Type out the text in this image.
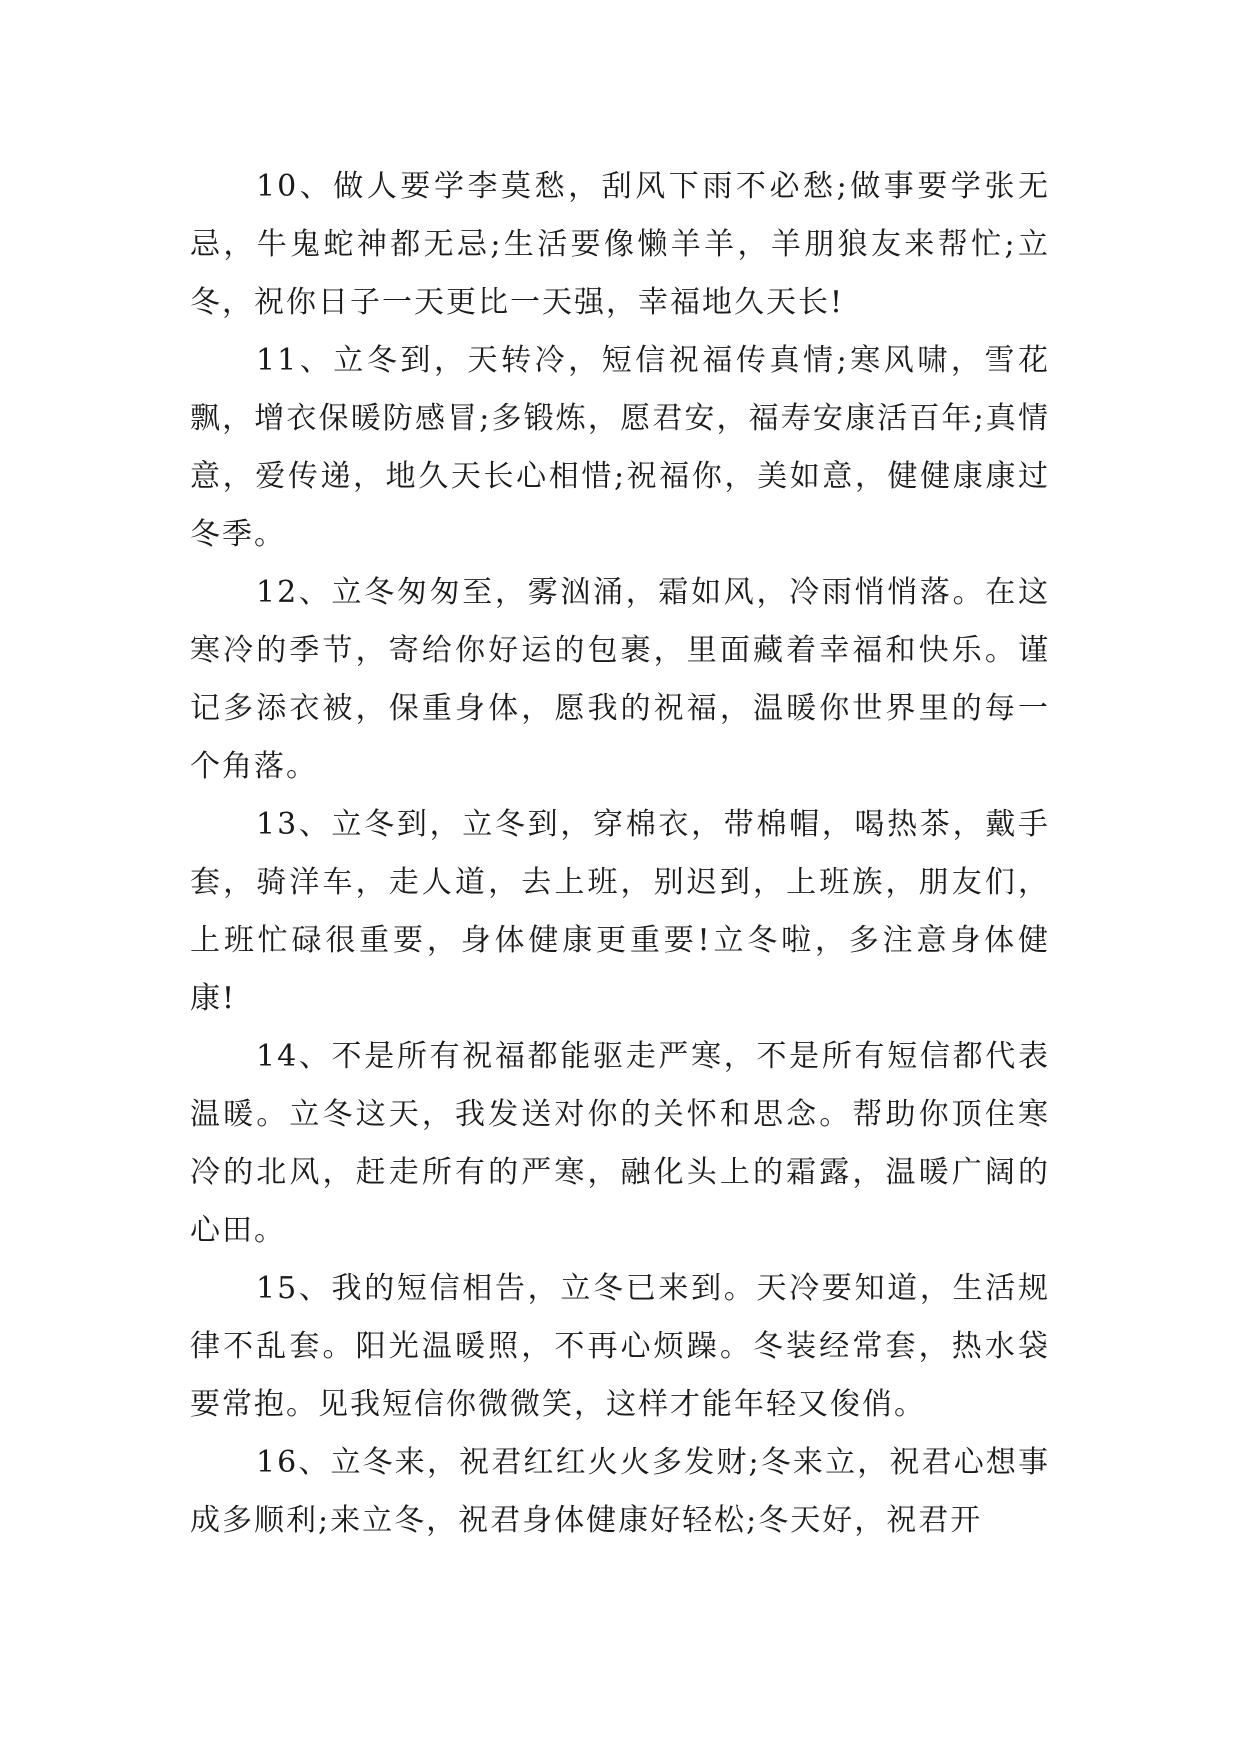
10、做人要学李莫愁，刮风下雨不必愁;做事要学张无忌，牛鬼蛇神都无忌;生活要像懒羊羊，羊朋狼友来帮忙;立冬，祝你日子一天更比一天强，幸福地久天长!

11、立冬到，天转冷，短信祝福传真情;寒风啸，雪花飘，增衣保暖防感冒;多锻炼，愿君安，福寿安康活百年;真情意，爱传递，地久天长心相惜;祝福你，美如意，健健康康过冬季。

12、立冬匆匆至，雾汹涌，霜如风，冷雨悄悄落。在这寒冷的季节，寄给你好运的包裹，里面藏着幸福和快乐。谨记多添衣被，保重身体，愿我的祝福，温暖你世界里的每一个角落。

13、立冬到，立冬到，穿棉衣，带棉帽，喝热茶，戴手套，骑洋车，走人道，去上班，别迟到，上班族，朋友们，上班忙碌很重要，身体健康更重要!立冬啦，多注意身体健康!

14、不是所有祝福都能驱走严寒，不是所有短信都代表温暖。立冬这天，我发送对你的关怀和思念。帮助你顶住寒冷的北风，赶走所有的严寒，融化头上的霜露，温暖广阔的心田。

15、我的短信相告，立冬已来到。天冷要知道，生活规律不乱套。阳光温暖照，不再心烦躁。冬装经常套，热水袋要常抱。见我短信你微微笑，这样才能年轻又俊俏。

16、立冬来，祝君红红火火多发财;冬来立，祝君心想事成多顺利;来立冬，祝君身体健康好轻松;冬天好，祝君开
